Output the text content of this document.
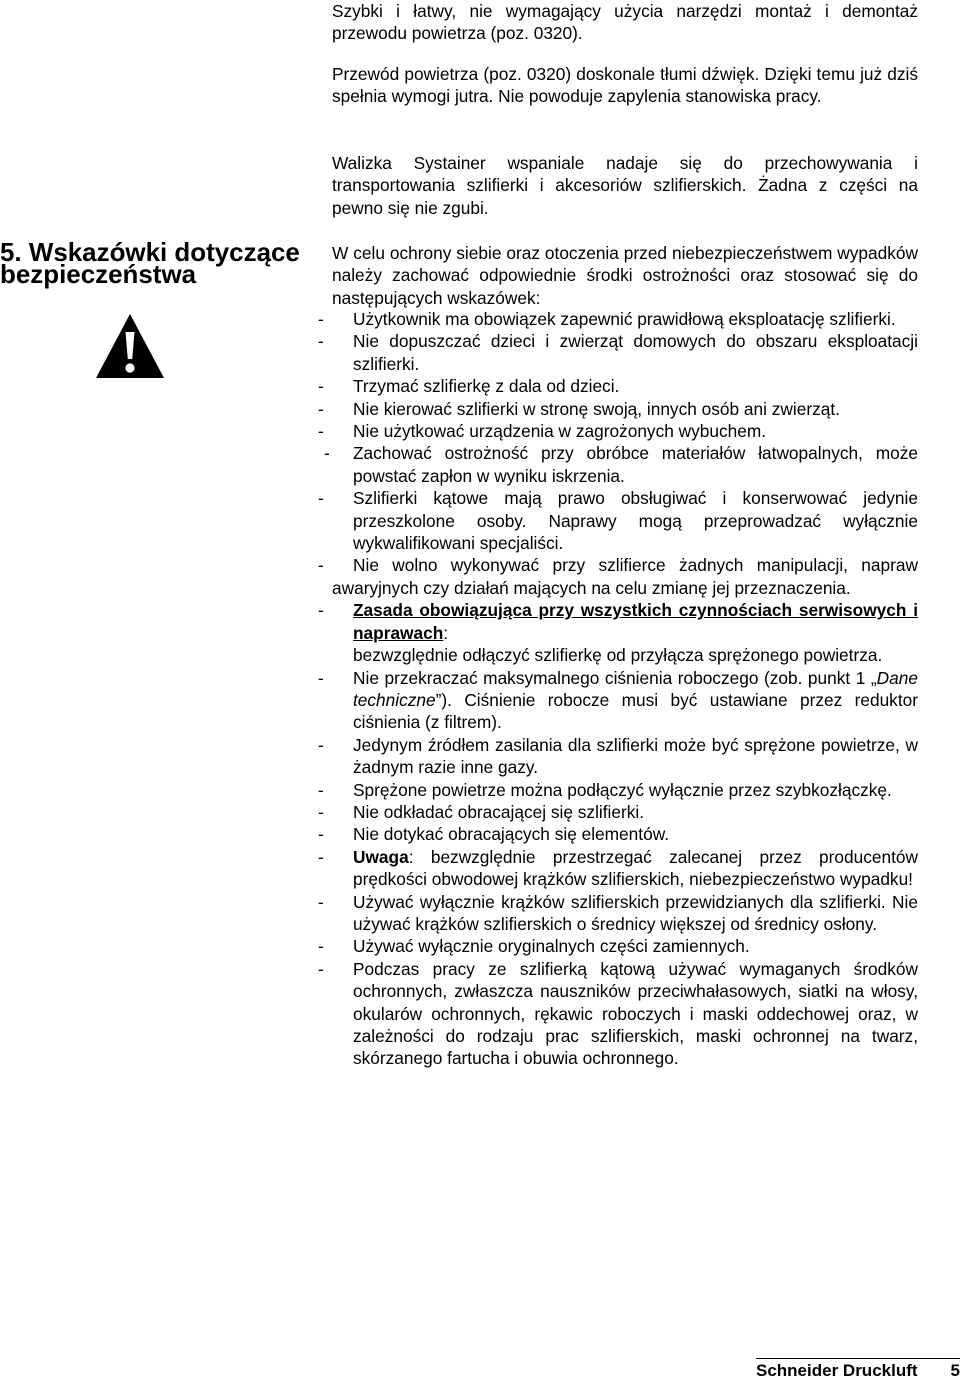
Szybki i łatwy, nie wymagający użycia narzędzi montaż i demontaż przewodu powietrza (poz. 0320).

Przewód powietrza (poz. 0320) doskonale tłumi dźwięk. Dzięki temu już dziś spełnia wymogi jutra. Nie powoduje zapylenia stanowiska pracy.

Walizka Systainer wspaniale nadaje się do przechowywania i transportowania szlifierki i akcesoriów szlifierskich. Żadna z części na pewno się nie zgubi.

5. Wskazówki dotyczące
bezpieczeństwa

W celu ochrony siebie oraz otoczenia przed niebezpieczeństwem wypadków należy zachować odpowiednie środki ostrożności oraz stosować się do następujących wskazówek:

-	Użytkownik ma obowiązek zapewnić prawidłową eksploatację szlifierki.
-	Nie dopuszczać dzieci i zwierząt domowych do obszaru eksploatacji szlifierki.
-	Trzymać szlifierkę z dala od dzieci.
-	Nie kierować szlifierki w stronę swoją, innych osób ani zwierząt.
-	Nie użytkować urządzenia w zagrożonych wybuchem.
-	Zachować ostrożność przy obróbce materiałów łatwopalnych, może powstać zapłon w wyniku iskrzenia.
-	Szlifierki kątowe mają prawo obsługiwać i konserwować jedynie przeszkolone osoby. Naprawy mogą przeprowadzać wyłącznie wykwalifikowani specjaliści.
-	Nie wolno wykonywać przy szlifierce żadnych manipulacji, napraw awaryjnych czy działań mających na celu zmianę jej przeznaczenia.
-	Zasada obowiązująca przy wszystkich czynnościach serwisowych i naprawach:
bezwzględnie odłączyć szlifierkę od przyłącza sprężonego powietrza.
-	Nie przekraczać maksymalnego ciśnienia roboczego (zob. punkt 1 „Dane techniczne”). Ciśnienie robocze musi być ustawiane przez reduktor ciśnienia (z filtrem).
-	Jedynym źródłem zasilania dla szlifierki może być sprężone powietrze, w żadnym razie inne gazy.
-	Sprężone powietrze można podłączyć wyłącznie przez szybkozłączkę.
-	Nie odkładać obracającej się szlifierki.
-	Nie dotykać obracających się elementów.
-	Uwaga: bezwzględnie przestrzegać zalecanej przez producentów prędkości obwodowej krążków szlifierskich, niebezpieczeństwo wypadku!
-	Używać wyłącznie krążków szlifierskich przewidzianych dla szlifierki. Nie używać krążków szlifierskich o średnicy większej od średnicy osłony.
-	Używać wyłącznie oryginalnych części zamiennych.
-	Podczas pracy ze szlifierką kątową używać wymaganych środków ochronnych, zwłaszcza nauszników przeciwhałasowych, siatki na włosy, okularów ochronnych, rękawic roboczych i maski oddechowej oraz, w zależności do rodzaju prac szlifierskich, maski ochronnej na twarz, skórzanego fartucha i obuwia ochronnego.
Schneider Druckluft 5
